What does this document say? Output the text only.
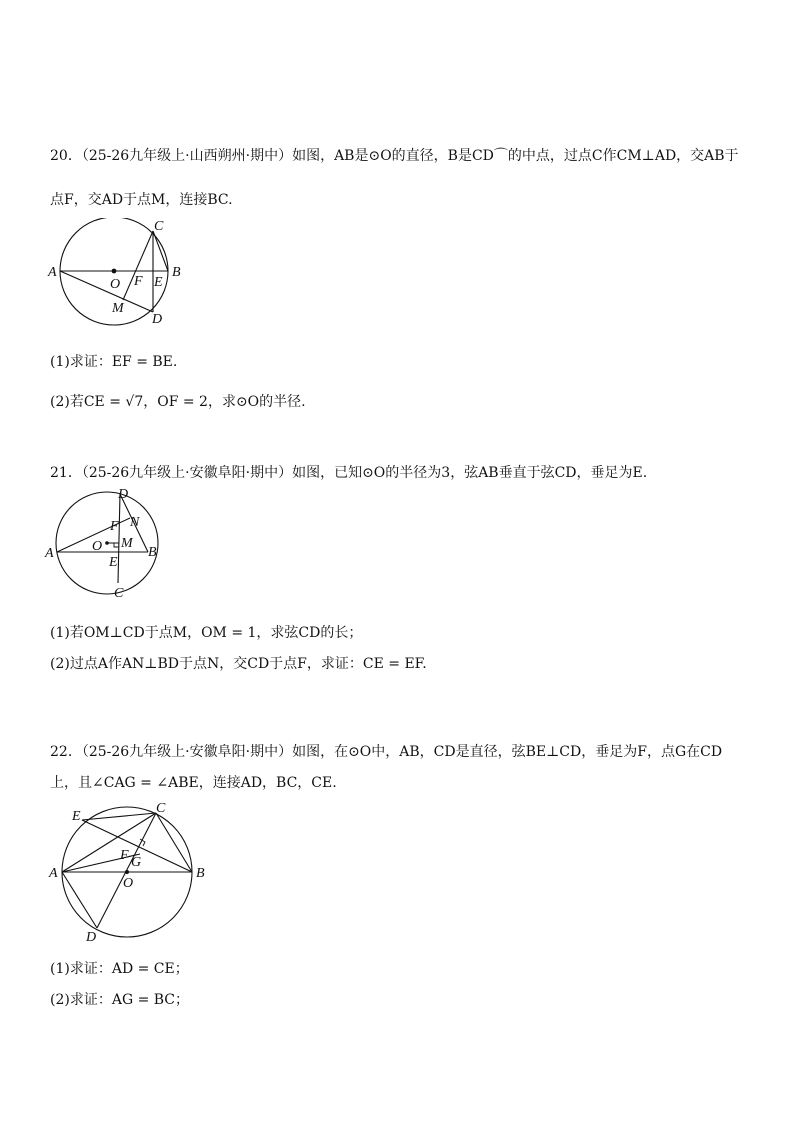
20．（25-26九年级上·山西朔州·期中）如图，AB是⊙O的直径，B是CD⌒的中点，过点C作CM⊥AD，交AB于
点F，交AD于点M，连接BC.
A	B
C
D
O F E
M
(1)求证：EF = BE.
(2)若CE = √7，OF = 2，求⊙O的半径.
21．（25-26九年级上·安徽阜阳·期中）如图，已知⊙O的半径为3，弦AB垂直于弦CD，垂足为E.
D
F N
O M
A	B
E
C
(1)若OM⊥CD于点M，OM = 1，求弦CD的长；
(2)过点A作AN⊥BD于点N，交CD于点F，求证：CE = EF.
22．（25-26九年级上·安徽阜阳·期中）如图，在⊙O中，AB，CD是直径，弦BE⊥CD，垂足为F，点G在CD
上，且∠CAG = ∠ABE，连接AD，BC，CE.
C
E
F G
A	B
O
D
(1)求证：AD = CE；
(2)求证：AG = BC；
